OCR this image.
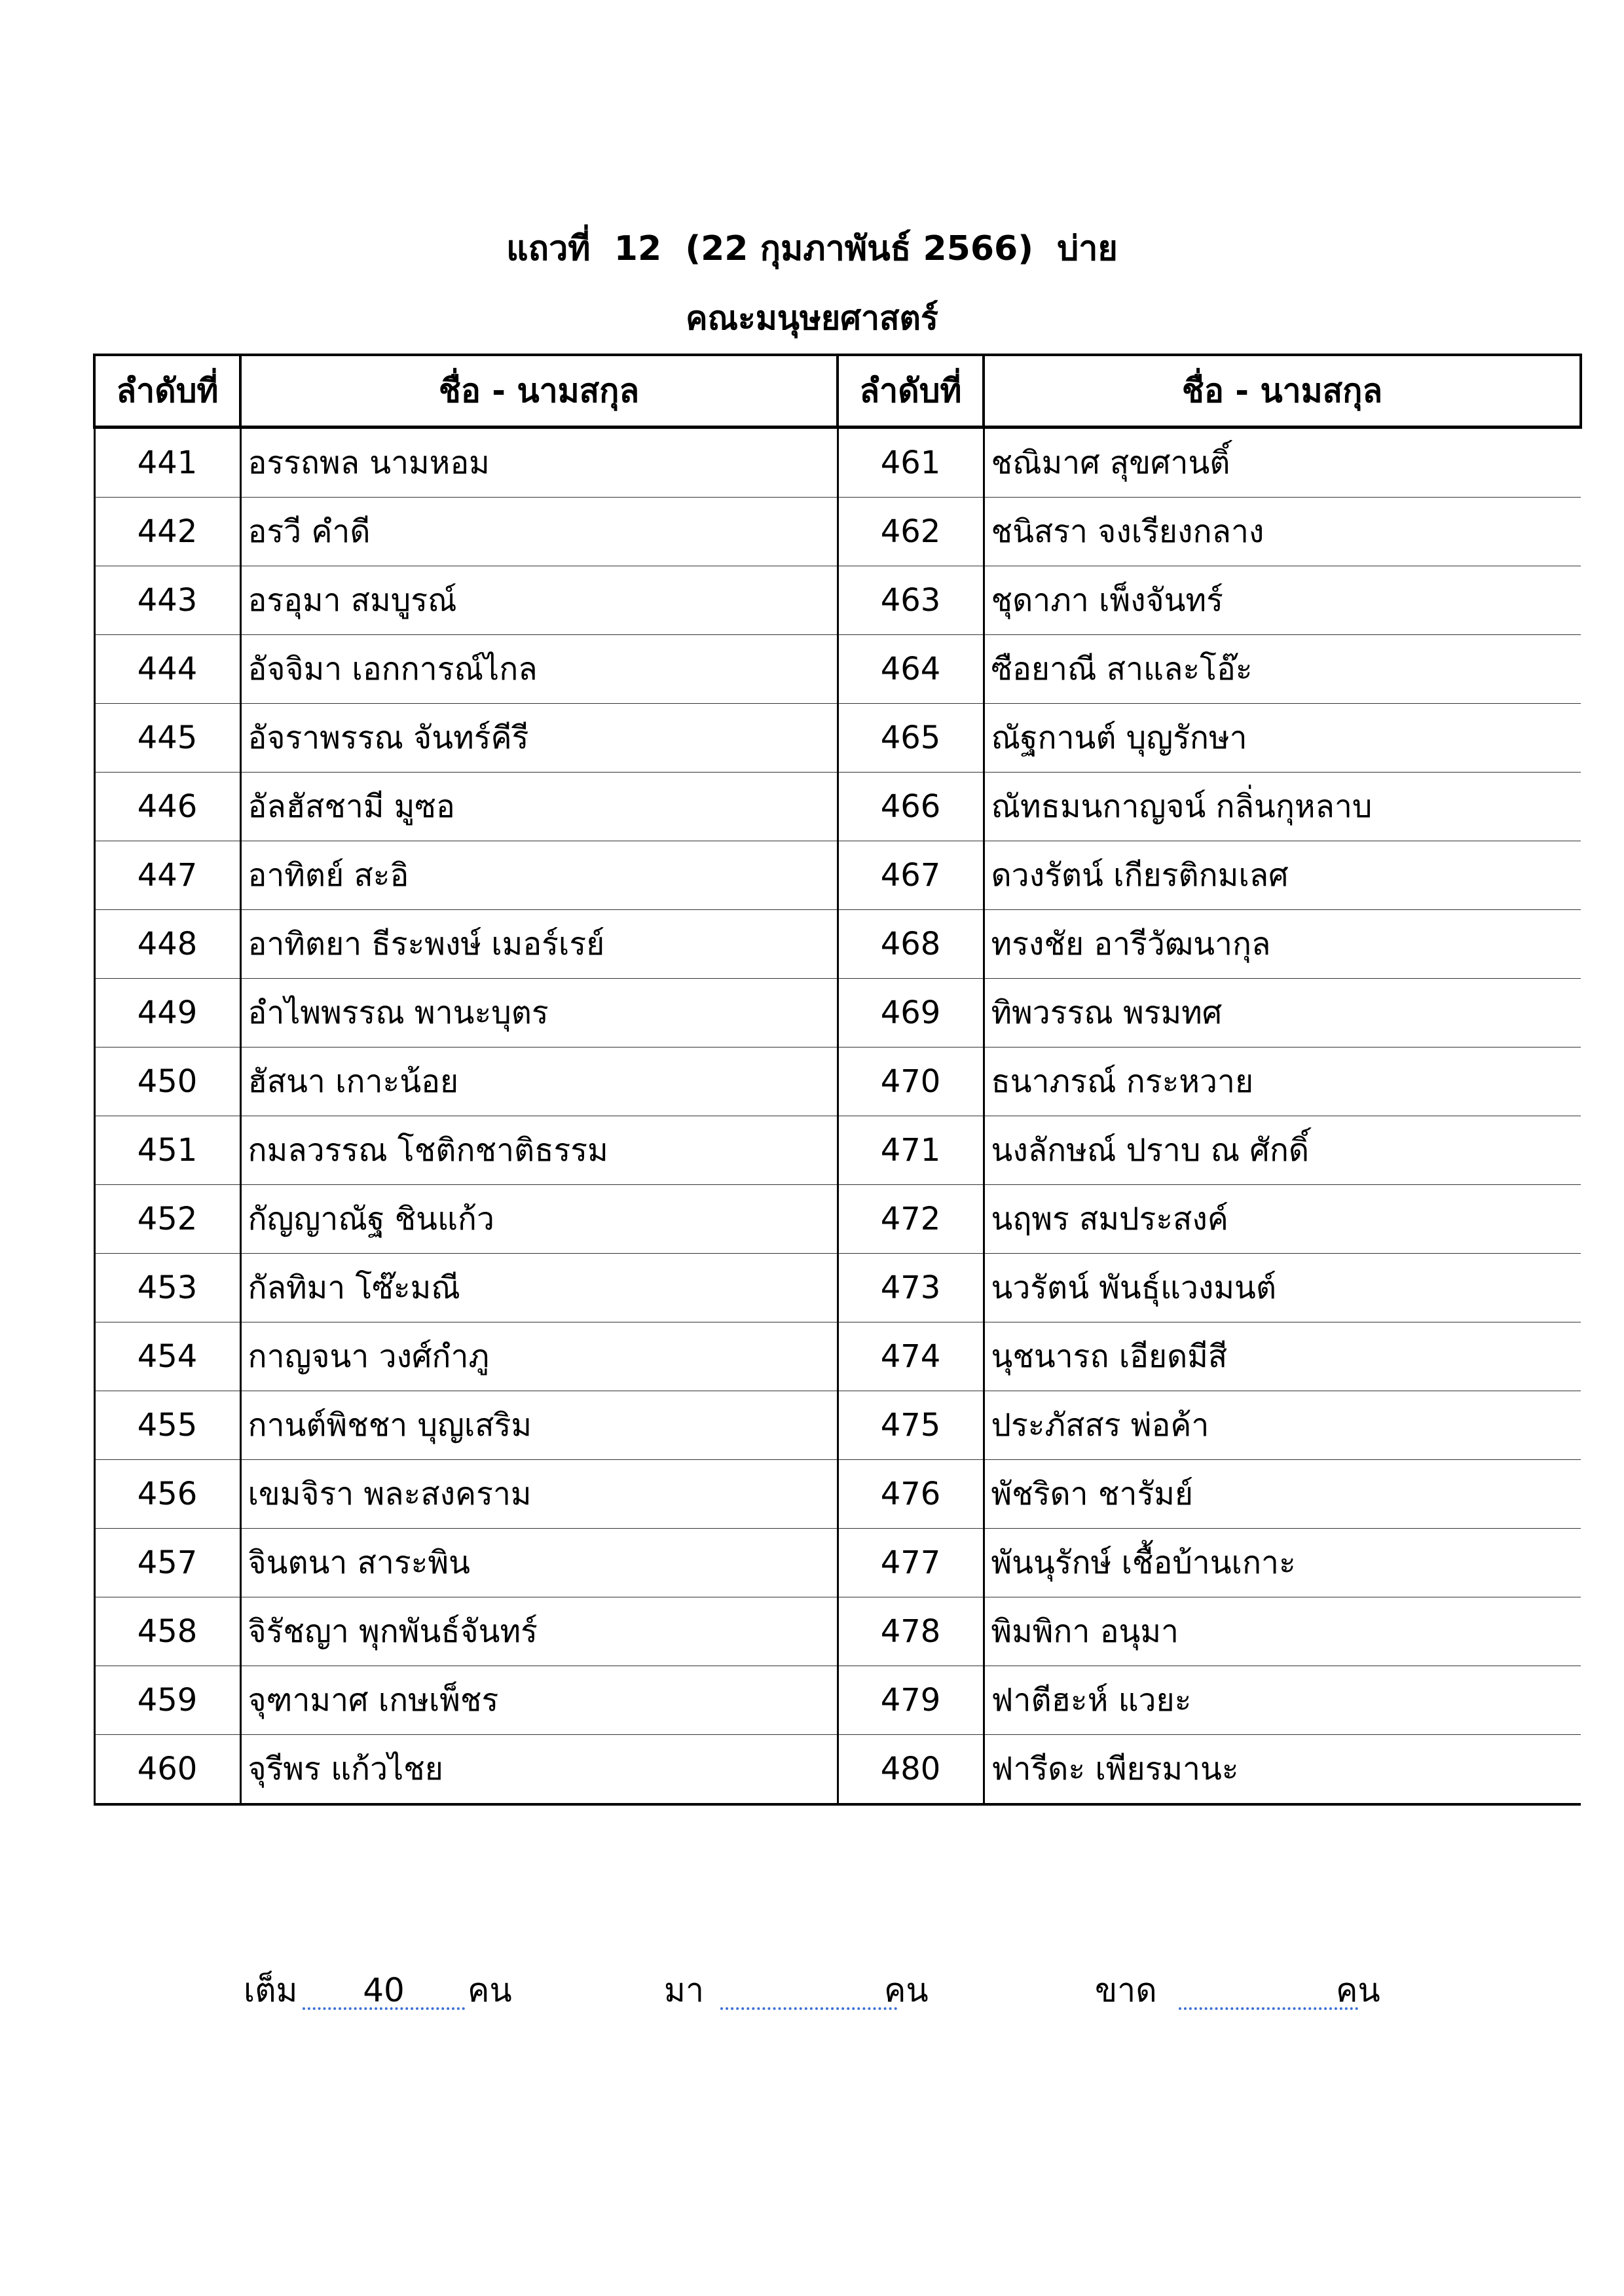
แถวที่  12  (22 กุมภาพันธ์ 2566)  บ่าย
คณะมนุษยศาสตร์
ลำดับที่	ชื่อ - นามสกุล	ลำดับที่	ชื่อ - นามสกุล
441	อรรถพล นามหอม	461	ชณิมาศ สุขศานติ์
442	อรวี คำดี	462	ชนิสรา จงเรียงกลาง
443	อรอุมา สมบูรณ์	463	ชุดาภา เพ็งจันทร์
444	อัจจิมา เอกการณ์ไกล	464	ซือยาณี สาและโอ๊ะ
445	อัจราพรรณ จันทร์คีรี	465	ณัฐกานต์ บุญรักษา
446	อัลฮัสชามี มูซอ	466	ณัทธมนกาญจน์ กลิ่นกุหลาบ
447	อาทิตย์ สะอิ	467	ดวงรัตน์ เกียรติกมเลศ
448	อาทิตยา ธีระพงษ์ เมอร์เรย์	468	ทรงชัย อารีวัฒนากุล
449	อำไพพรรณ พานะบุตร	469	ทิพวรรณ พรมทศ
450	ฮัสนา เกาะน้อย	470	ธนาภรณ์ กระหวาย
451	กมลวรรณ โชติกชาติธรรม	471	นงลักษณ์ ปราบ ณ ศักดิ์
452	กัญญาณัฐ ชินแก้ว	472	นฤพร สมประสงค์
453	กัลทิมา โซ๊ะมณี	473	นวรัตน์ พันธุ์แวงมนต์
454	กาญจนา วงศ์กำภู	474	นุชนารถ เอียดมีสี
455	กานต์พิชชา บุญเสริม	475	ประภัสสร พ่อค้า
456	เขมจิรา พละสงคราม	476	พัชริดา ชารัมย์
457	จินตนา สาระพิน	477	พันนุรักษ์ เชื้อบ้านเกาะ
458	จิรัชญา พุกพันธ์จันทร์	478	พิมพิกา อนุมา
459	จุฑามาศ เกษเพ็ชร	479	ฟาตีฮะห์ แวยะ
460	จุรีพร แก้วไชย	480	ฟารีดะ เพียรมานะ
เต็ม	40	คน	มา	คน	ขาด	คน
